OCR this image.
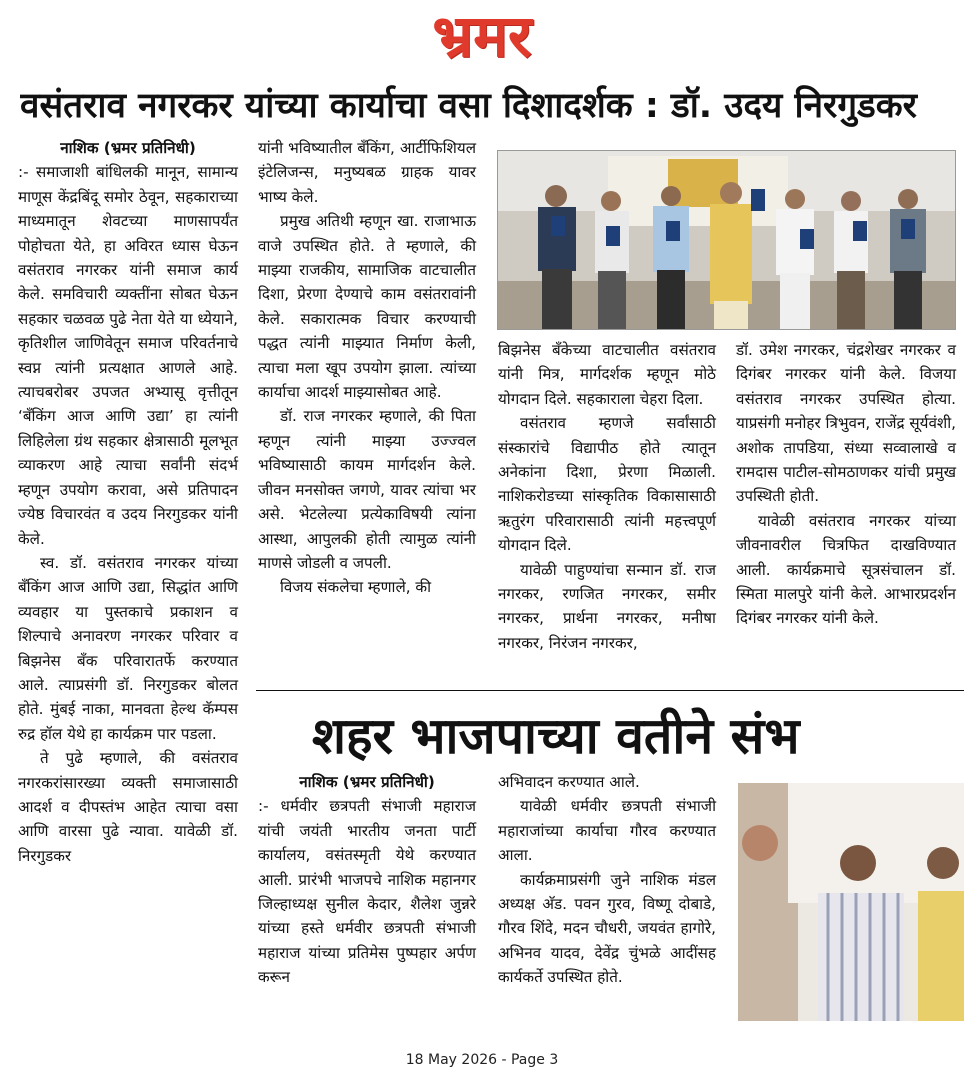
भ्रमर
वसंतराव नगरकर यांच्या कार्याचा वसा दिशादर्शक : डॉ. उदय निरगुडकर

नाशिक (भ्रमर प्रतिनिधी)

:- समाजाशी बांधिलकी मानून, सामान्य माणूस केंद्रबिंदू समोर ठेवून, सहकाराच्या माध्यमातून शेवटच्या माणसापर्यंत पोहोचता येते, हा अविरत ध्यास घेऊन वसंतराव नगरकर यांनी समाज कार्य केले. समविचारी व्यक्तींना सोबत घेऊन सहकार चळवळ पुढे नेता येते या ध्येयाने, कृतिशील जाणिवेतून समाज परिवर्तनाचे स्वप्न त्यांनी प्रत्यक्षात आणले आहे. त्याचबरोबर उपजत अभ्यासू वृत्तीतून ‘बँकिंग आज आणि उद्या’ हा त्यांनी लिहिलेला ग्रंथ सहकार क्षेत्रासाठी मूलभूत व्याकरण आहे त्याचा सर्वांनी संदर्भ म्हणून उपयोग करावा, असे प्रतिपादन ज्येष्ठ विचारवंत व उदय निरगुडकर यांनी केले.

स्व. डॉ. वसंतराव नगरकर यांच्या बँकिंग आज आणि उद्या, सिद्धांत आणि व्यवहार या पुस्तकाचे प्रकाशन व शिल्पाचे अनावरण नगरकर परिवार व बिझनेस बँक परिवारातर्फे करण्यात आले. त्याप्रसंगी डॉ. निरगुडकर बोलत होते. मुंबई नाका, मानवता हेल्थ कॅम्पस रुद्र हॉल येथे हा कार्यक्रम पार पडला.

ते पुढे म्हणाले, की वसंतराव नगरकरांसारख्या व्यक्ती समाजासाठी आदर्श व दीपस्तंभ आहेत त्याचा वसा आणि वारसा पुढे न्यावा. यावेळी डॉ. निरगुडकर

यांनी भविष्यातील बँकिंग, आर्टीफिशियल इंटेलिजन्स, मनुष्यबळ ग्राहक यावर भाष्य केले.

प्रमुख अतिथी म्हणून खा. राजाभाऊ वाजे उपस्थित होते. ते म्हणाले, की माझ्या राजकीय, सामाजिक वाटचालीत दिशा, प्रेरणा देण्याचे काम वसंतरावांनी केले. सकारात्मक विचार करण्याची पद्धत त्यांनी माझ्यात निर्माण केली, त्याचा मला खूप उपयोग झाला. त्यांच्या कार्याचा आदर्श माझ्यासोबत आहे.

डॉ. राज नगरकर म्हणाले, की पिता म्हणून त्यांनी माझ्या उज्ज्वल भविष्यासाठी कायम मार्गदर्शन केले. जीवन मनसोक्त जगणे, यावर त्यांचा भर असे. भेटलेल्या प्रत्येकाविषयी त्यांना आस्था, आपुलकी होती त्यामुळ त्यांनी माणसे जोडली व जपली.

विजय संकलेचा म्हणाले, की

बिझनेस बँकेच्या वाटचालीत वसंतराव यांनी मित्र, मार्गदर्शक म्हणून मोठे योगदान दिले. सहकाराला चेहरा दिला.

वसंतराव म्हणजे सर्वांसाठी संस्कारांचे विद्यापीठ होते त्यातून अनेकांना दिशा, प्रेरणा मिळाली. नाशिकरोडच्या सांस्कृतिक विकासासाठी ऋतुरंग परिवारासाठी त्यांनी महत्त्वपूर्ण योगदान दिले.

यावेळी पाहुण्यांचा सन्मान डॉ. राज नगरकर, रणजित नगरकर, समीर नगरकर, प्रार्थना नगरकर, मनीषा नगरकर, निरंजन नगरकर,

डॉ. उमेश नगरकर, चंद्रशेखर नगरकर व दिगंबर नगरकर यांनी केले. विजया वसंतराव नगरकर उपस्थित होत्या. याप्रसंगी मनोहर त्रिभुवन, राजेंद्र सूर्यवंशी, अशोक तापडिया, संध्या सव्वालाखे व रामदास पाटील-सोमठाणकर यांची प्रमुख उपस्थिती होती.

यावेळी वसंतराव नगरकर यांच्या जीवनावरील चित्रफित दाखविण्यात आली. कार्यक्रमाचे सूत्रसंचालन डॉ. स्मिता मालपुरे यांनी केले. आभारप्रदर्शन दिगंबर नगरकर यांनी केले.

शहर भाजपाच्या वतीने संभ

नाशिक (भ्रमर प्रतिनिधी)

:- धर्मवीर छत्रपती संभाजी महाराज यांची जयंती भारतीय जनता पार्टी कार्यालय, वसंतस्मृती येथे करण्यात आली. प्रारंभी भाजपचे नाशिक महानगर जिल्हाध्यक्ष सुनील केदार, शैलेश जुन्नरे यांच्या हस्ते धर्मवीर छत्रपती संभाजी महाराज यांच्या प्रतिमेस पुष्पहार अर्पण करून

अभिवादन करण्यात आले.

यावेळी धर्मवीर छत्रपती संभाजी महाराजांच्या कार्याचा गौरव करण्यात आला.

कार्यक्रमाप्रसंगी जुने नाशिक मंडल अध्यक्ष अ‍ॅड. पवन गुरव, विष्णू दोबाडे, गौरव शिंदे, मदन चौधरी, जयवंत हागोरे, अभिनव यादव, देवेंद्र चुंभळे आदींसह कार्यकर्ते उपस्थित होते.

18 May 2026 - Page 3
